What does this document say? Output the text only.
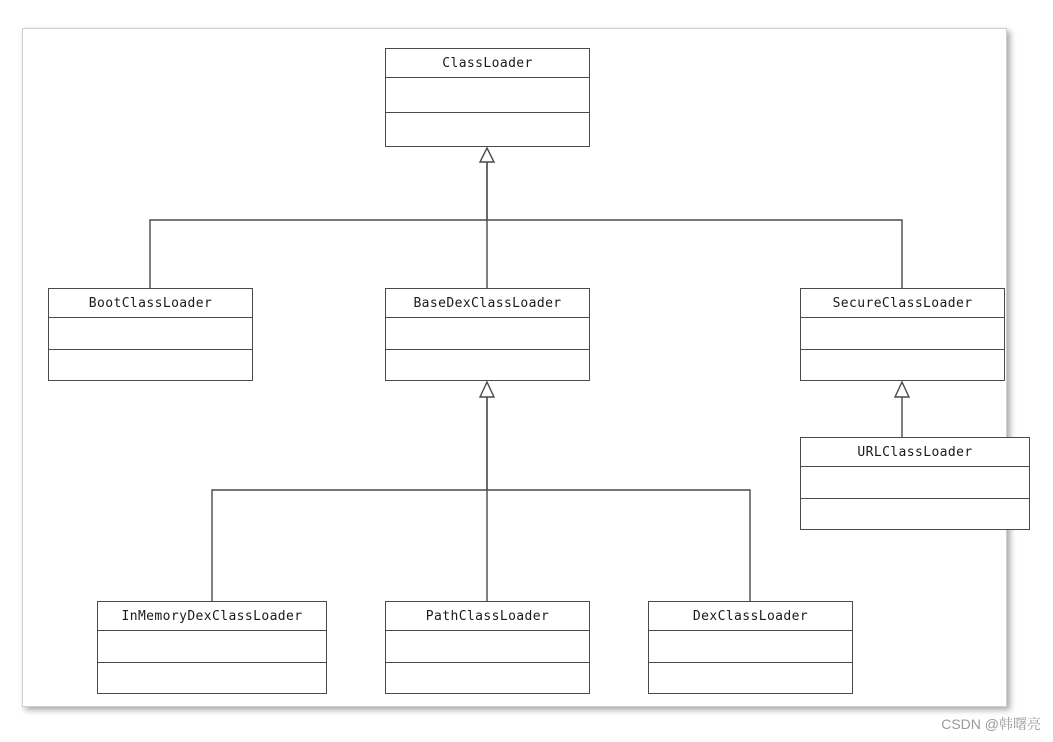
ClassLoader
BootClassLoader	BaseDexClassLoader	SecureClassLoader
URLClassLoader
InMemoryDexClassLoader	PathClassLoader	DexClassLoader
CSDN @韩曙亮
